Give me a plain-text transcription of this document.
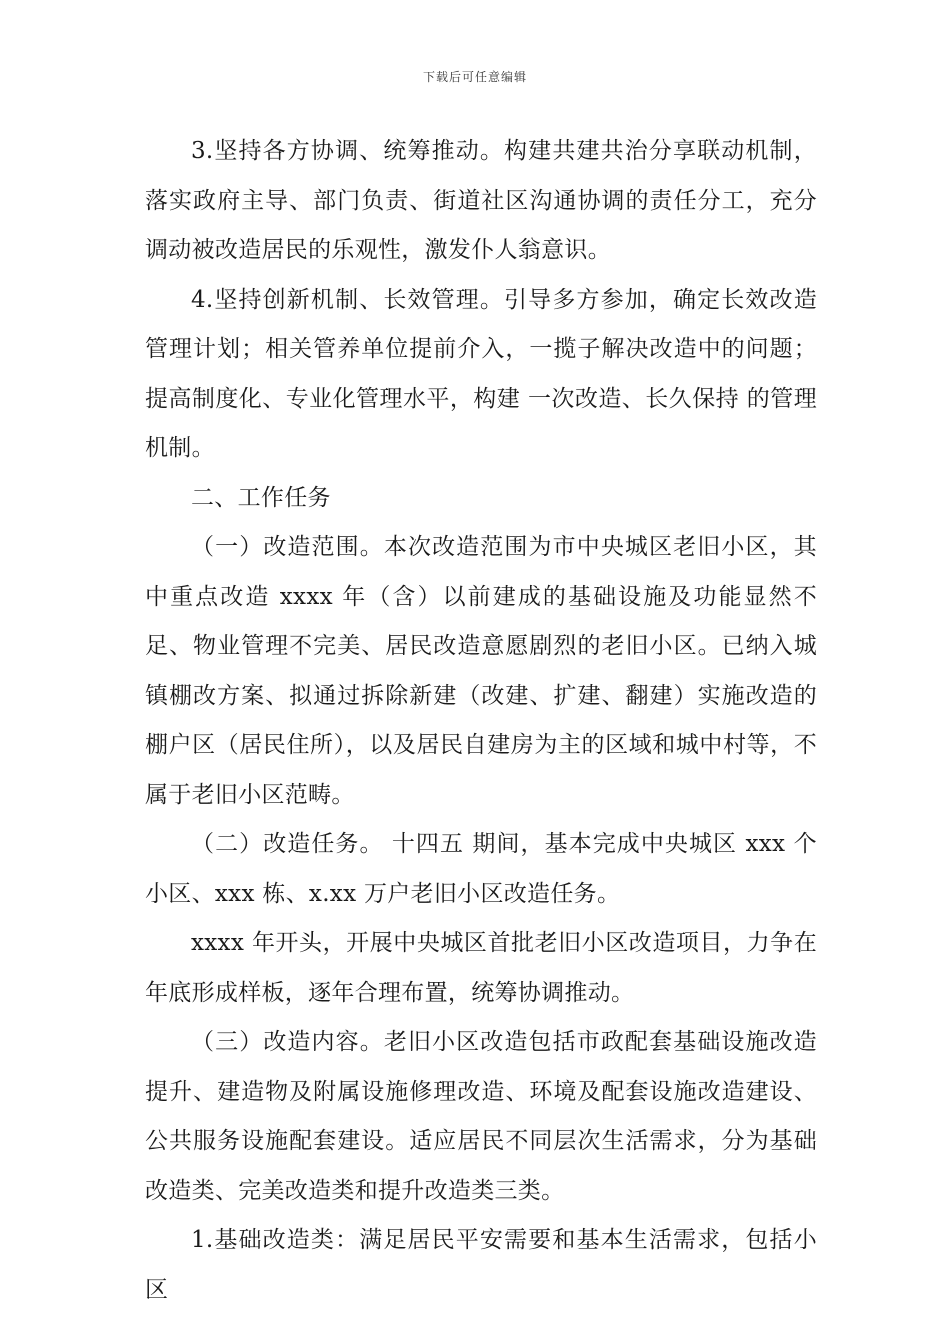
下载后可任意编辑

3.坚持各方协调、统筹推动。构建共建共治分享联动机制，落实政府主导、部门负责、街道社区沟通协调的责任分工，充分调动被改造居民的乐观性，激发仆人翁意识。

4.坚持创新机制、长效管理。引导多方参加，确定长效改造管理计划；相关管养单位提前介入，一揽子解决改造中的问题；提高制度化、专业化管理水平，构建 一次改造、长久保持 的管理机制。

二、工作任务

（一）改造范围。本次改造范围为市中央城区老旧小区，其中重点改造 xxxx 年（含）以前建成的基础设施及功能显然不足、物业管理不完美、居民改造意愿剧烈的老旧小区。已纳入城镇棚改方案、拟通过拆除新建（改建、扩建、翻建）实施改造的棚户区（居民住所），以及居民自建房为主的区域和城中村等，不属于老旧小区范畴。

（二）改造任务。 十四五 期间，基本完成中央城区 xxx 个小区、xxx 栋、x.xx 万户老旧小区改造任务。

xxxx 年开头，开展中央城区首批老旧小区改造项目，力争在年底形成样板，逐年合理布置，统筹协调推动。

（三）改造内容。老旧小区改造包括市政配套基础设施改造提升、建造物及附属设施修理改造、环境及配套设施改造建设、公共服务设施配套建设。适应居民不同层次生活需求，分为基础改造类、完美改造类和提升改造类三类。

1.基础改造类：满足居民平安需要和基本生活需求，包括小区
